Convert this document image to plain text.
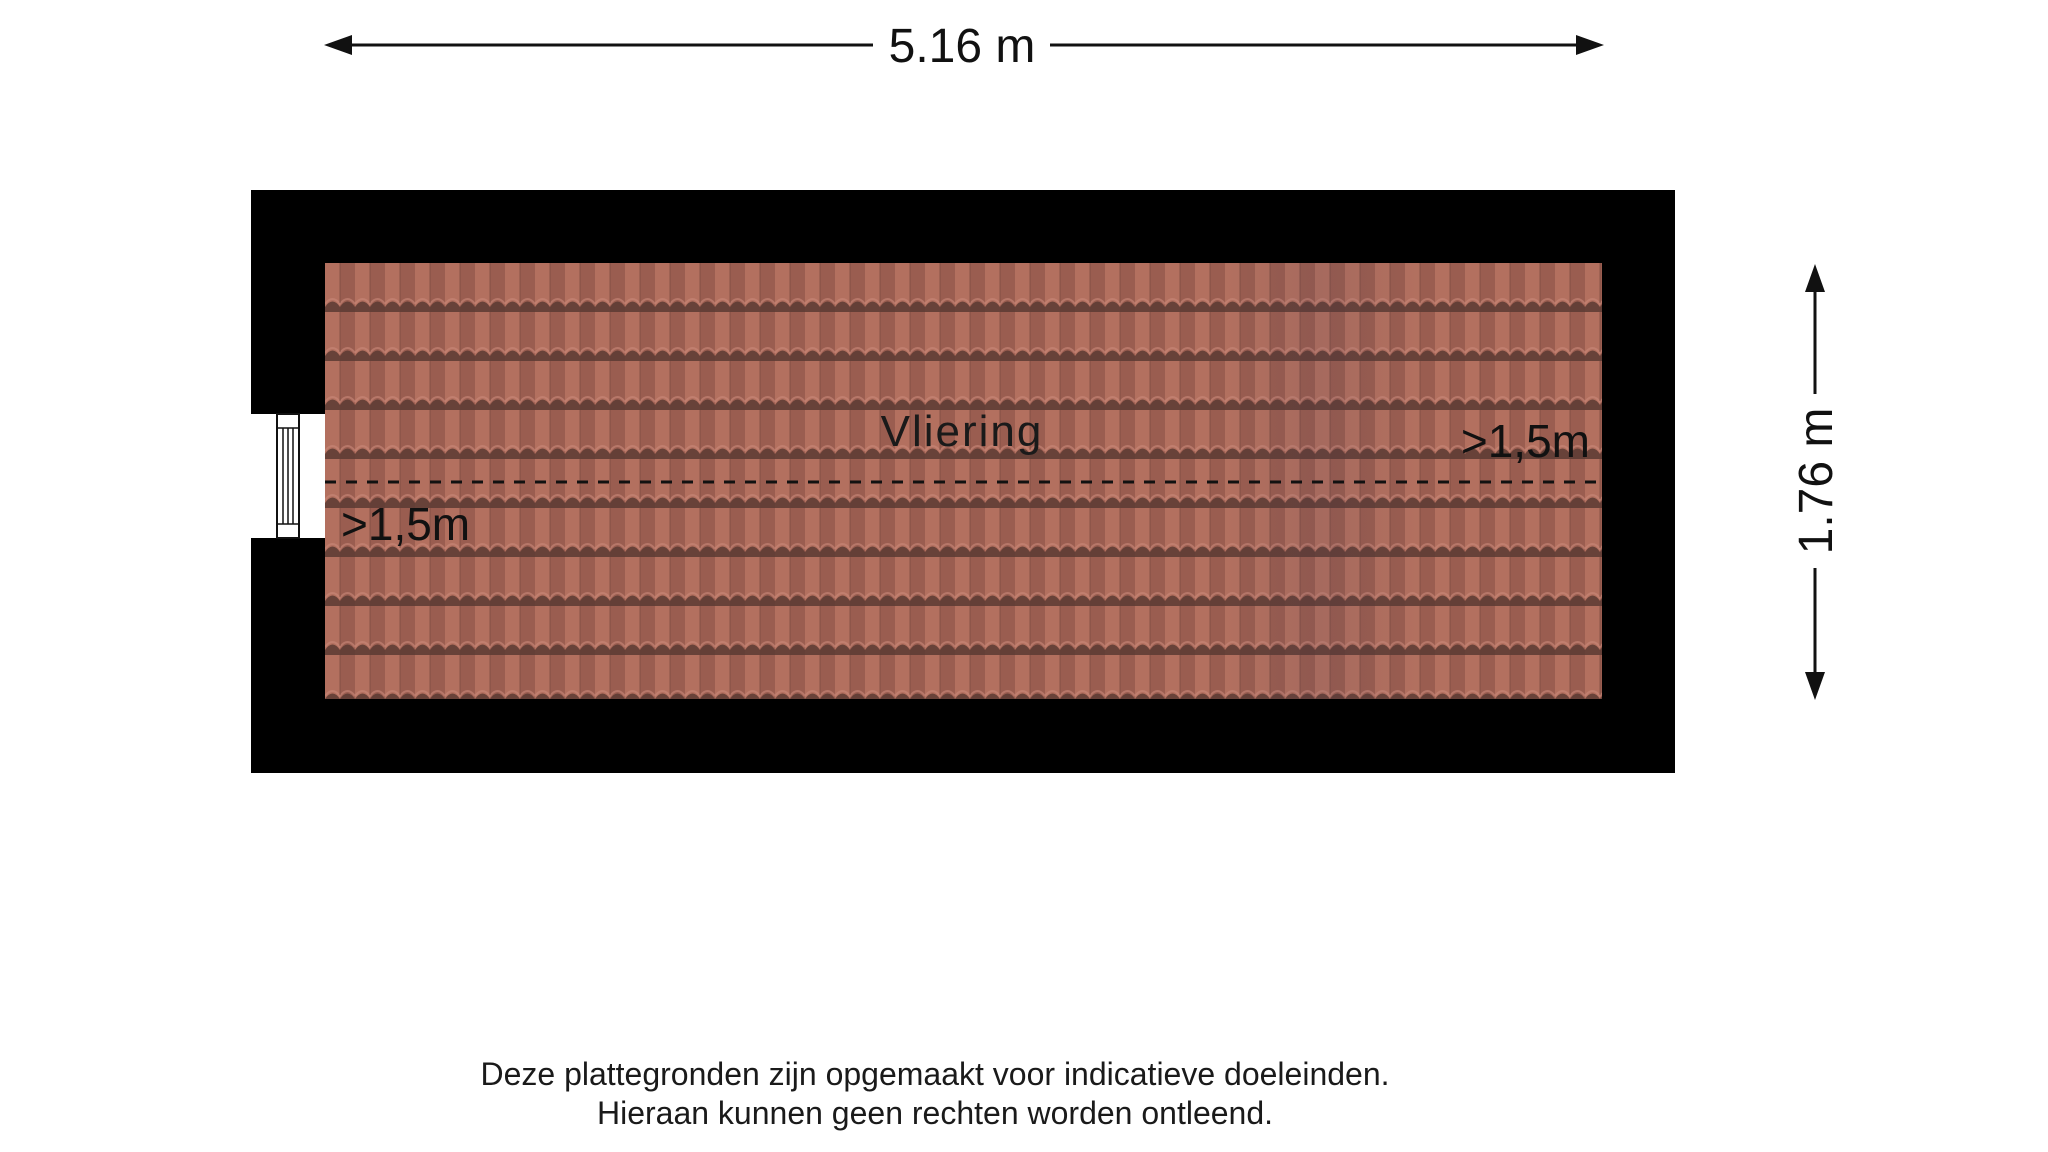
5.16 m
Vliering	>1,5m
>1,5m	1.76 m
Deze plattegronden zijn opgemaakt voor indicatieve doeleinden.
Hieraan kunnen geen rechten worden ontleend.
